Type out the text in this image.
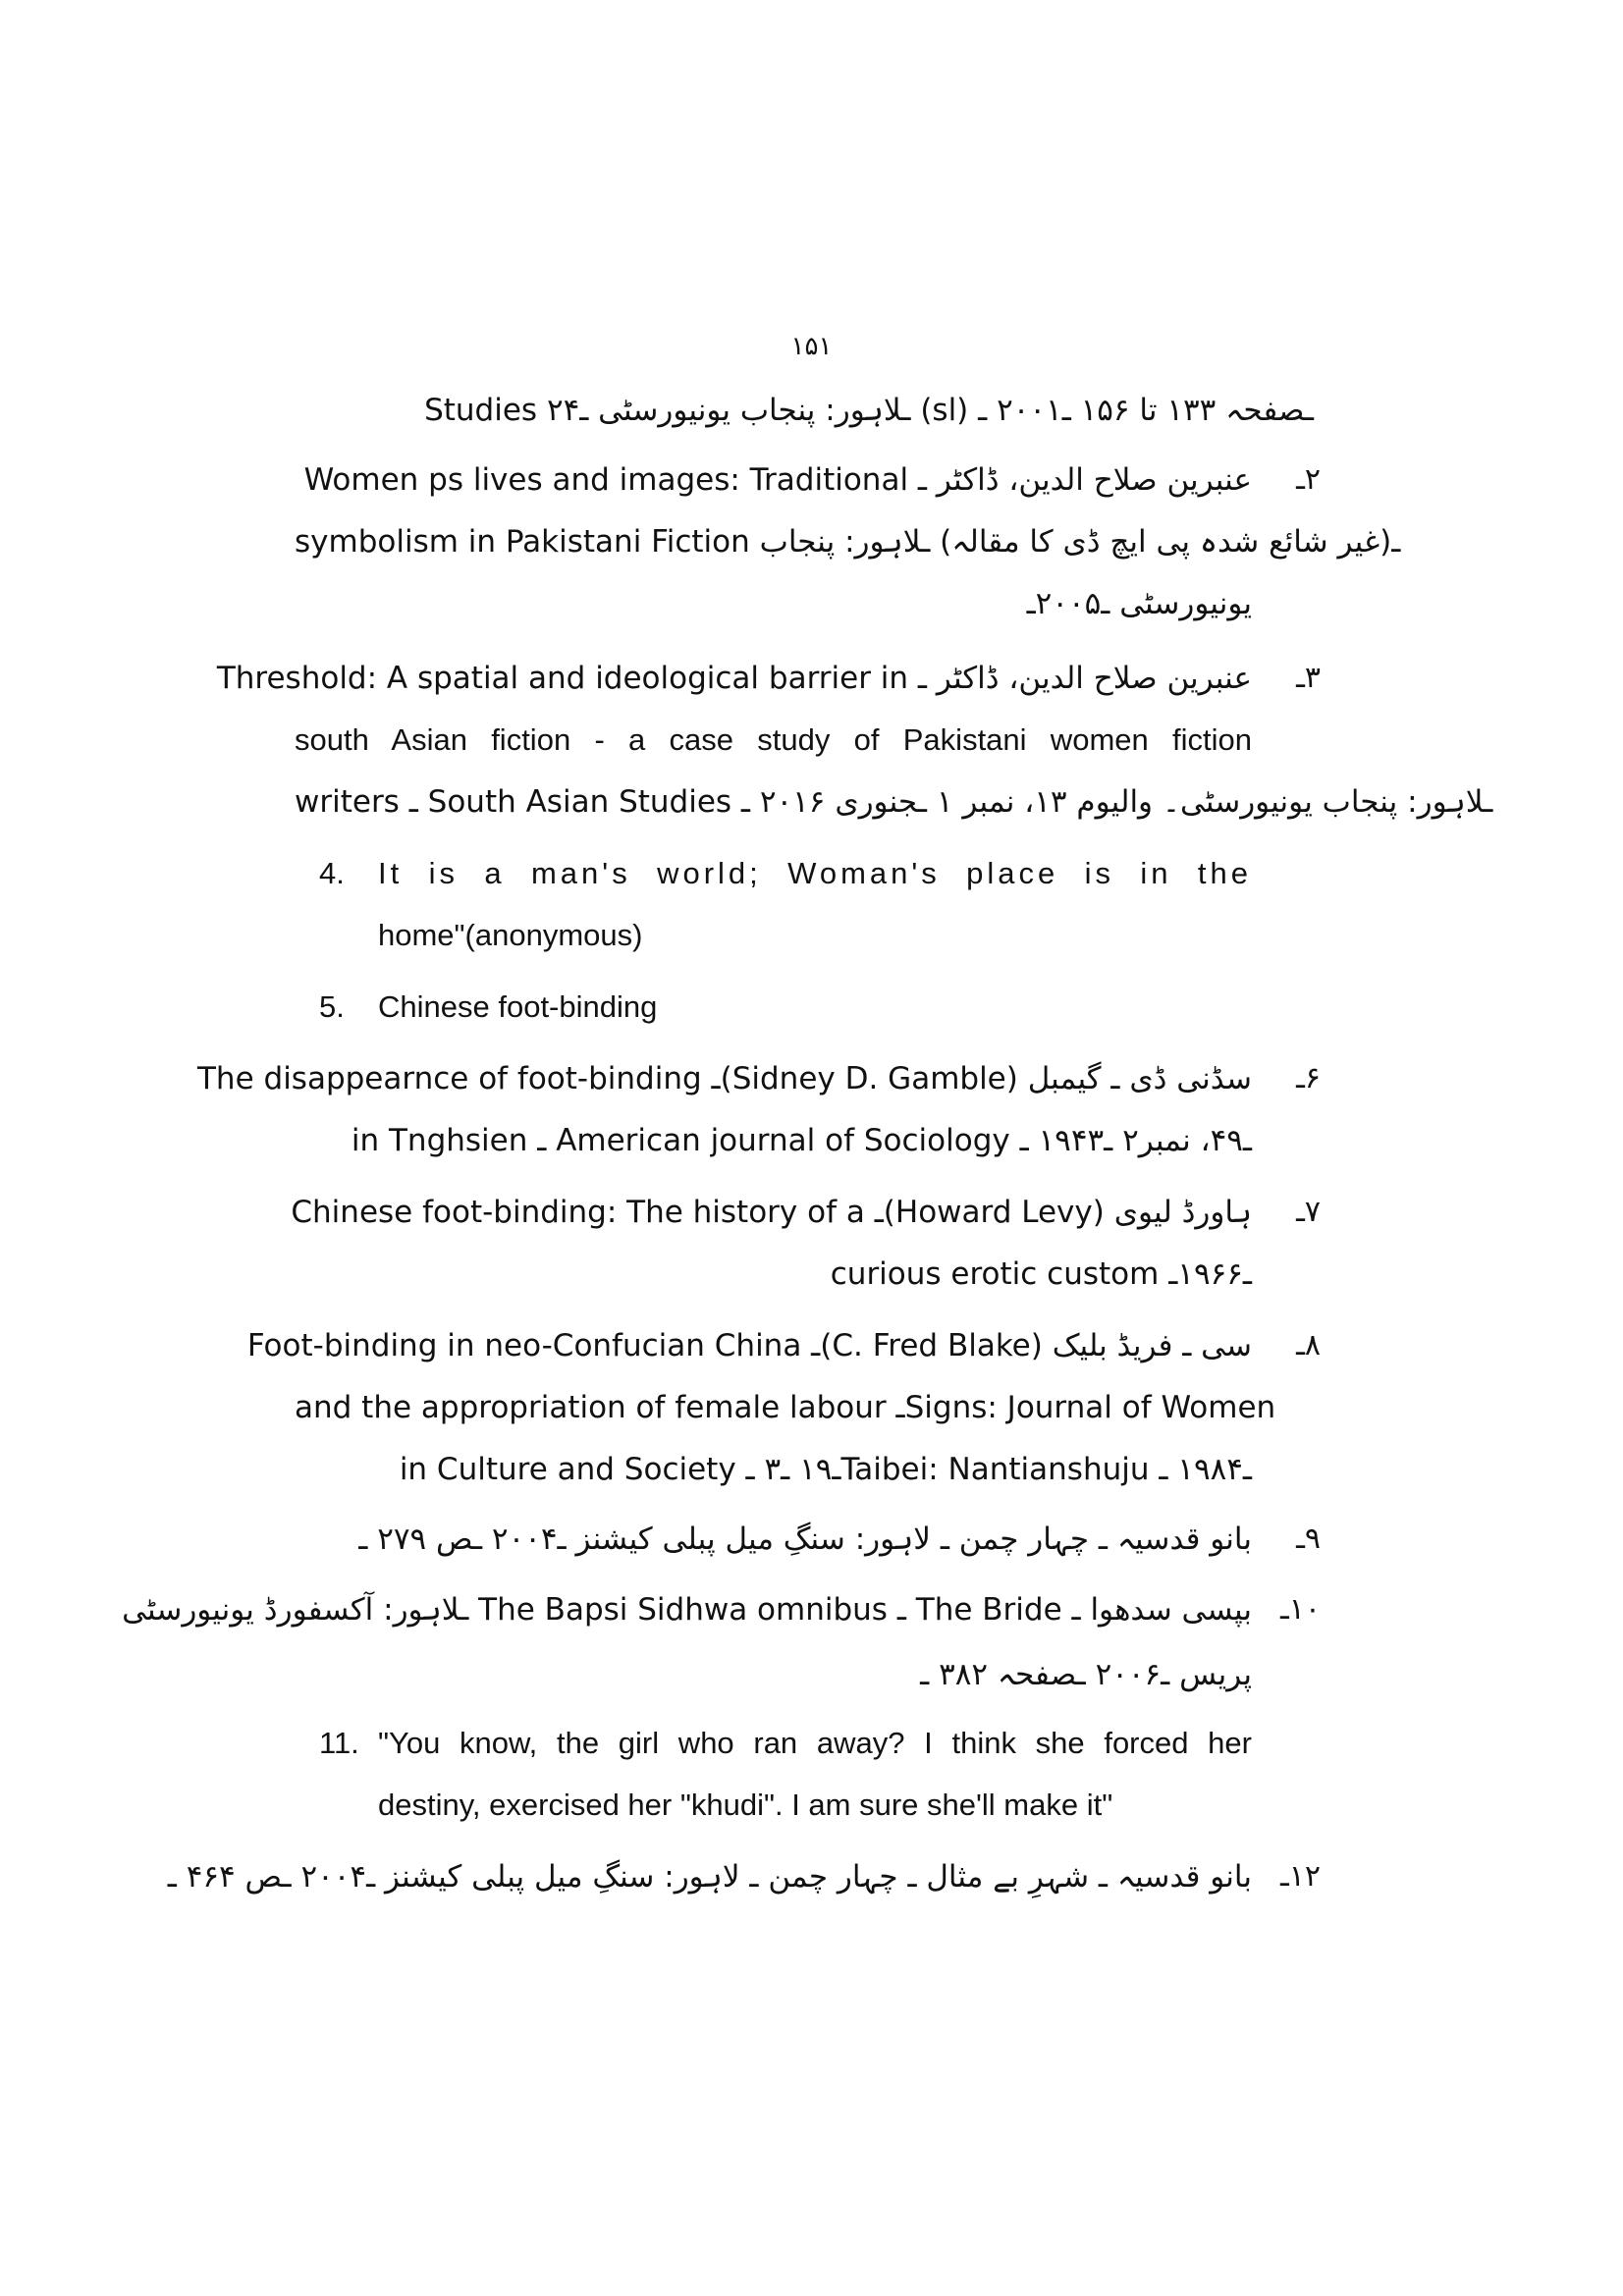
۱۵۱
Studies ـلاہور: پنجاب یونیورسٹی ـ۲۴ (sl) ـصفحہ ۱۳۳ تا ۱۵۶ ـ۲۰۰۱ ـ
۲ـ
عنبرین صلاح الدین، ڈاکٹر ـ Women ps lives and images: Traditional
symbolism in Pakistani Fiction ـ(غیر شائع شدہ پی ایچ ڈی کا مقالہ) ـلاہور: پنجاب
یونیورسٹی ـ۲۰۰۵ـ
۳ـ
عنبرین صلاح الدین، ڈاکٹر ـ Threshold: A spatial and ideological barrier in
south Asian fiction - a case study of Pakistani women fiction
writers ـ South Asian Studies ـلاہور: پنجاب یونیورسٹی۔ والیوم ۱۳، نمبر ۱ ـجنوری ۲۰۱۶ ـ
4. It is a man's world; Woman's place is in the
home"(anonymous)
5. Chinese foot-binding
۶ـ
سڈنی ڈی ـ گیمبل (Sidney D. Gamble)ـ The disappearnce of foot-binding
in Tnghsien ـ American journal of Sociology ـ۴۹، نمبر۲ ـ۱۹۴۳ ـ
۷ـ
ہاورڈ لیوی (Howard Levy)ـ Chinese foot-binding: The history of a
curious erotic custom ـ۱۹۶۶ـ
۸ـ
سی ـ فریڈ بلیک (C. Fred Blake)ـ Foot-binding in neo-Confucian China
and the appropriation of female labour ـSigns: Journal of Women
in Culture and Society ـ۱۹ ـ۳ ـTaibei: Nantianshuju ـ۱۹۸۴ ـ
۹ـ
بانو قدسیہ ـ چہار چمن ـ لاہور: سنگِ میل پبلی کیشنز ـ۲۰۰۴ ـص ۲۷۹ ـ
۱۰ـ
بپسی سدھوا ـ The Bride ـ The Bapsi Sidhwa omnibus ـلاہور: آکسفورڈ یونیورسٹی
پریس ـ۲۰۰۶ ـصفحہ ۳۸۲ ـ
11. "You know, the girl who ran away? I think she forced her
destiny, exercised her "khudi". I am sure she'll make it"
۱۲ـ
بانو قدسیہ ـ شہرِ بے مثال ـ چہار چمن ـ لاہور: سنگِ میل پبلی کیشنز ـ۲۰۰۴ ـص ۴۶۴ ـ
